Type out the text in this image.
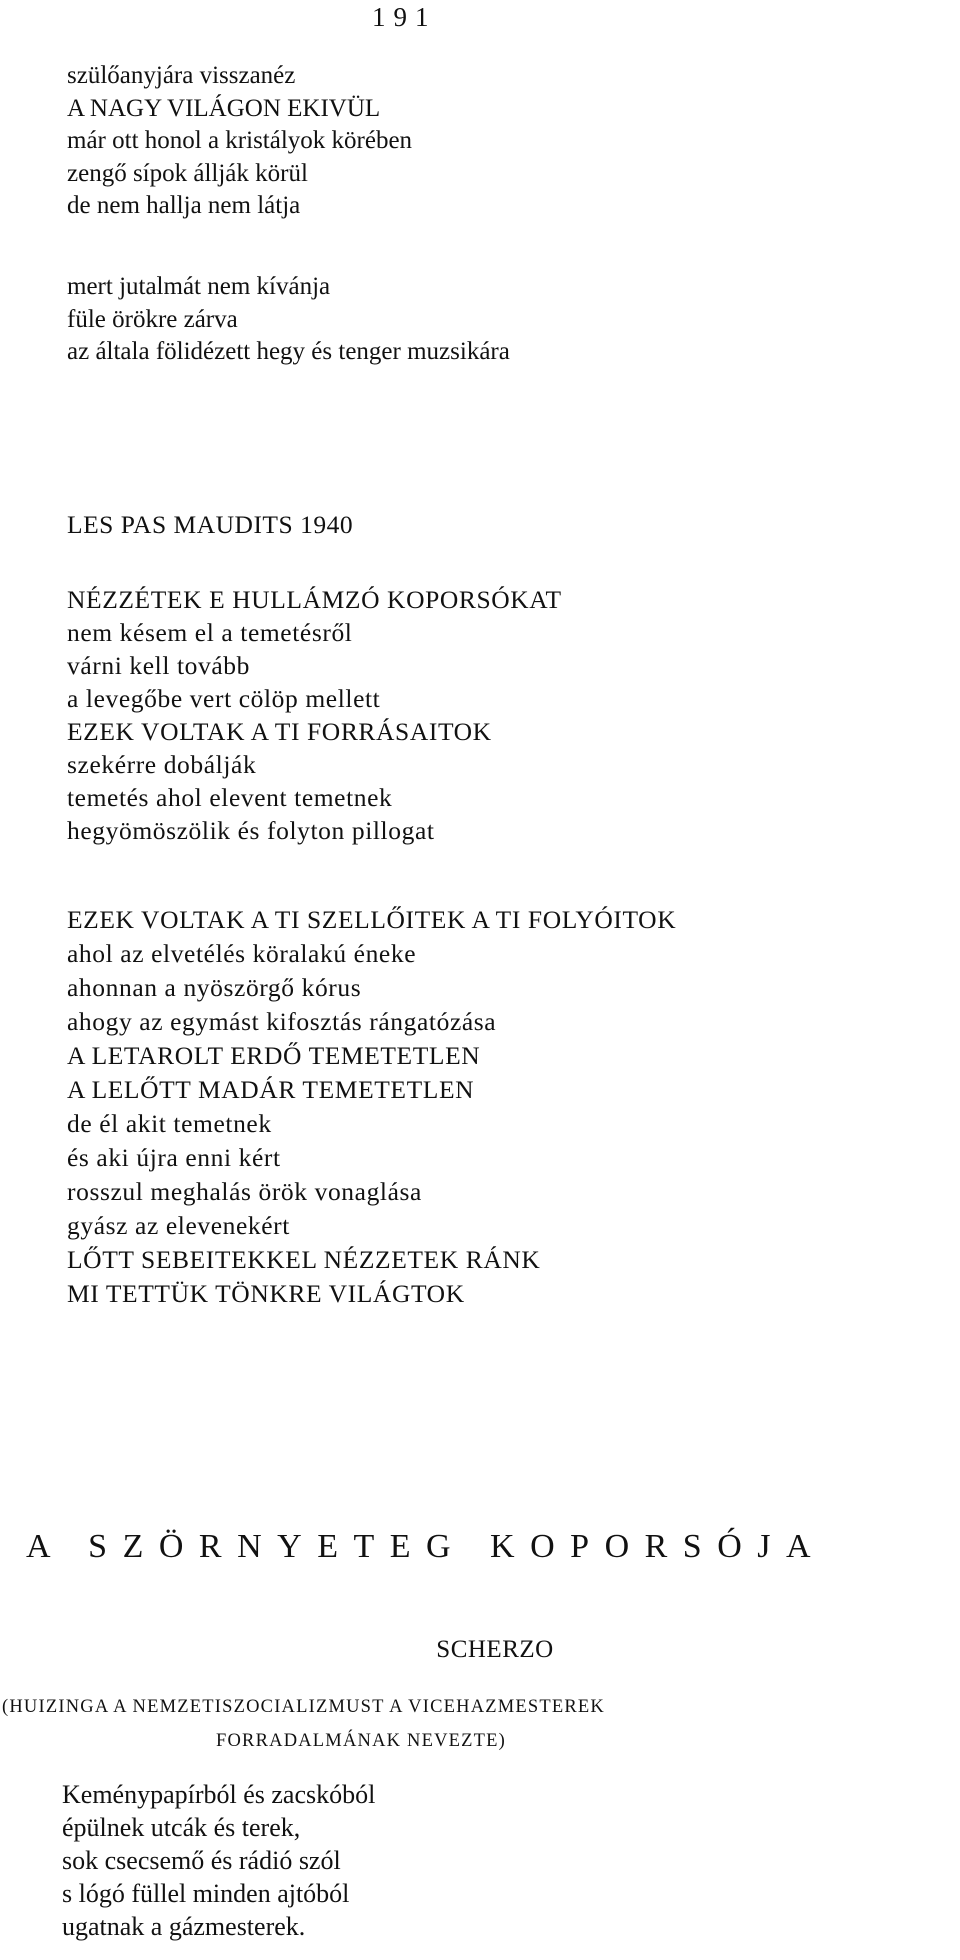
191
szülőanyjára visszanéz
A NAGY VILÁGON EKIVÜL
már ott honol a kristályok körében
zengő sípok állják körül
de nem hallja nem látja
mert jutalmát nem kívánja
füle örökre zárva
az általa fölidézett hegy és tenger muzsikára
LES PAS MAUDITS 1940
NÉZZÉTEK E HULLÁMZÓ KOPORSÓKAT
nem késem el a temetésről
várni kell tovább
a levegőbe vert cölöp mellett
EZEK VOLTAK A TI FORRÁSAITOK
szekérre dobálják
temetés ahol elevent temetnek
hegyömöszölik és folyton pillogat
EZEK VOLTAK A TI SZELLŐITEK A TI FOLYÓITOK
ahol az elvetélés köralakú éneke
ahonnan a nyöszörgő kórus
ahogy az egymást kifosztás rángatózása
A LETAROLT ERDŐ TEMETETLEN
A LELŐTT MADÁR TEMETETLEN
de él akit temetnek
és aki újra enni kért
rosszul meghalás örök vonaglása
gyász az elevenekért
LŐTT SEBEITEKKEL NÉZZETEK RÁNK
MI TETTÜK TÖNKRE VILÁGTOK
A SZÖRNYETEG KOPORSÓJA
SCHERZO
(HUIZINGA A NEMZETISZOCIALIZMUST A VICEHAZMESTEREK
FORRADALMÁNAK NEVEZTE)
Keménypapírból és zacskóból
épülnek utcák és terek,
sok csecsemő és rádió szól
s lógó füllel minden ajtóból
ugatnak a gázmesterek.
